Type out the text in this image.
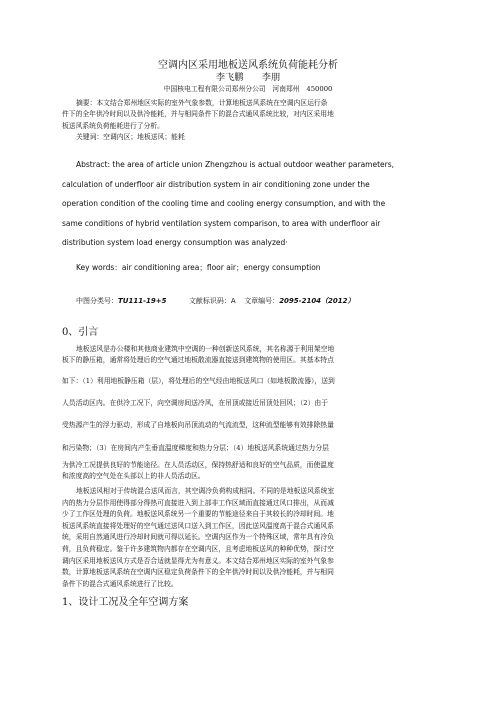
空调内区采用地板送风系统负荷能耗分析
李飞鹏　　李朋
中国核电工程有限公司郑州分公司　河南郑州　450000
摘要：本文结合郑州地区实际的室外气象参数，计算地板送风系统在空调内区运行条
件下的全年供冷时间以及供冷能耗，并与相同条件下的混合式通风系统比较，对内区采用地
板送风系统负荷能耗进行了分析。
关键词：空调内区；地板送风；能耗
Abstract: the area of article union Zhengzhou is actual outdoor weather parameters,
calculation of underfloor air distribution system in air conditioning zone under the
operation condition of the cooling time and cooling energy consumption, and with the
same conditions of hybrid ventilation system comparison, to area with underfloor air
distribution system load energy consumption was analyzed·
Key words：air conditioning area；floor air；energy consumption
中图分类号：TU111-19+5	文献标识码：A 文章编号：2095-2104（2012）
0、引言
地板送风是办公楼和其他商业建筑中空调的一种创新送风系统，其名称源于利用架空地
板下的静压箱，通常将处理后的空气通过地板散流器直接送到建筑物的使用区。其基本特点
如下：（1）利用地板静压箱（层），将处理后的空气经由地板送风口（如地板散流器），送到
人员活动区内。在供冷工况下，向空调房间送冷风，在吊顶或接近吊顶处回风；（2）由于
受热源产生的浮力驱动，形成了自地板向吊顶流动的气流流型，这种流型能够有效排除热量
和污染物；（3）在房间内产生垂直温度梯度和热力分层；（4）地板送风系统通过热力分层
为供冷工况提供良好的节能途径。在人员活动区，保持热舒适和良好的空气品质，而使温度
和浓度高的空气处在头部以上的非人员活动区。
地板送风相对于传统混合送风而言，其空调冷负荷构成相同。不同的是地板送风系统室
内的热力分层作用使得部分得热可直接进入到上部非工作区域而直接通过风口排出，从而减
少了工作区处理的负荷。地板送风系统另一个重要的节能途径来自于其较长的冷却时间。地
板送风系统直接将处理好的空气通过送风口送入到工作区，因此送风温度高于混合式通风系
统，采用自然通风进行冷却时间就可得以延长。空调内区作为一个特殊区域，常年具有冷负
荷，且负荷稳定。鉴于许多建筑物内都存在空调内区，且考虑地板送风的种种优势，探讨空
调内区采用地板送风方式是否合适就显得尤为有意义。本文结合郑州地区实际的室外气象参
数，计算地板送风系统在空调内区稳定负荷条件下的全年供冷时间以及供冷能耗，并与相同
条件下的混合式通风系统进行了比较。
1、设计工况及全年空调方案
